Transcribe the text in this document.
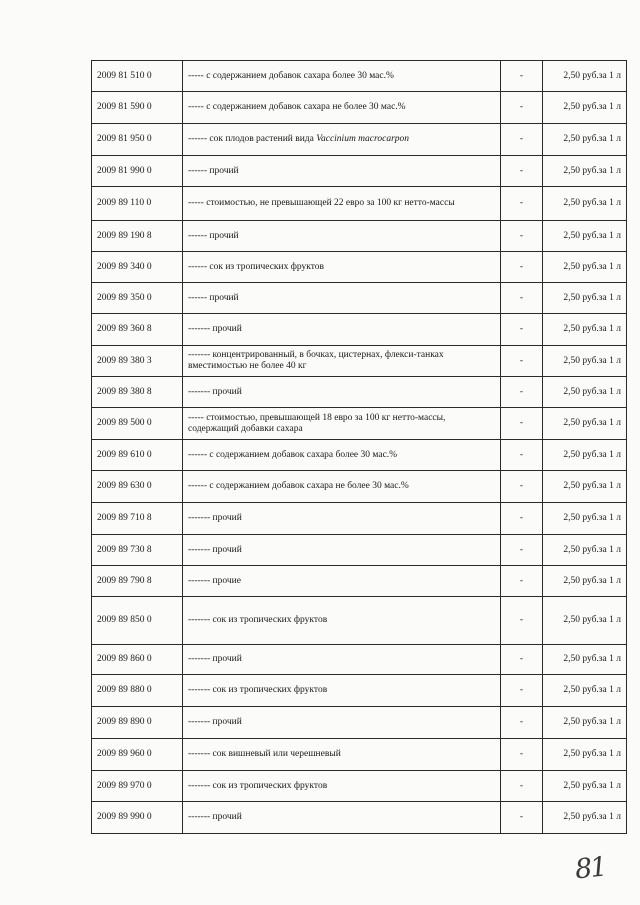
2009 81 510 0	----- с содержанием добавок сахара более 30 мас.%	-	2,50 руб.за 1 л
2009 81 590 0	----- с содержанием добавок сахара не более 30 мас.%	-	2,50 руб.за 1 л
2009 81 950 0	------ сок плодов растений вида Vaccinium macrocarpon	-	2,50 руб.за 1 л
2009 81 990 0	------ прочий	-	2,50 руб.за 1 л
2009 89 110 0	----- стоимостью, не превышающей 22 евро за 100 кг нетто-массы	-	2,50 руб.за 1 л
2009 89 190 8	------ прочий	-	2,50 руб.за 1 л
2009 89 340 0	------ сок из тропических фруктов	-	2,50 руб.за 1 л
2009 89 350 0	------ прочий	-	2,50 руб.за 1 л
2009 89 360 8	------- прочий	-	2,50 руб.за 1 л
2009 89 380 3	------- концентрированный, в бочках, цистернах, флекси-танках вместимостью не более 40 кг	-	2,50 руб.за 1 л
2009 89 380 8	------- прочий	-	2,50 руб.за 1 л
2009 89 500 0	----- стоимостью, превышающей 18 евро за 100 кг нетто-массы, содержащий добавки сахара	-	2,50 руб.за 1 л
2009 89 610 0	------ с содержанием добавок сахара более 30 мас.%	-	2,50 руб.за 1 л
2009 89 630 0	------ с содержанием добавок сахара не более 30 мас.%	-	2,50 руб.за 1 л
2009 89 710 8	------- прочий	-	2,50 руб.за 1 л
2009 89 730 8	------- прочий	-	2,50 руб.за 1 л
2009 89 790 8	------- прочие	-	2,50 руб.за 1 л
2009 89 850 0	------- сок из тропических фруктов	-	2,50 руб.за 1 л
2009 89 860 0	------- прочий	-	2,50 руб.за 1 л
2009 89 880 0	------- сок из тропических фруктов	-	2,50 руб.за 1 л
2009 89 890 0	------- прочий	-	2,50 руб.за 1 л
2009 89 960 0	------- сок вишневый или черешневый	-	2,50 руб.за 1 л
2009 89 970 0	------- сок из тропических фруктов	-	2,50 руб.за 1 л
2009 89 990 0	------- прочий	-	2,50 руб.за 1 л
81
